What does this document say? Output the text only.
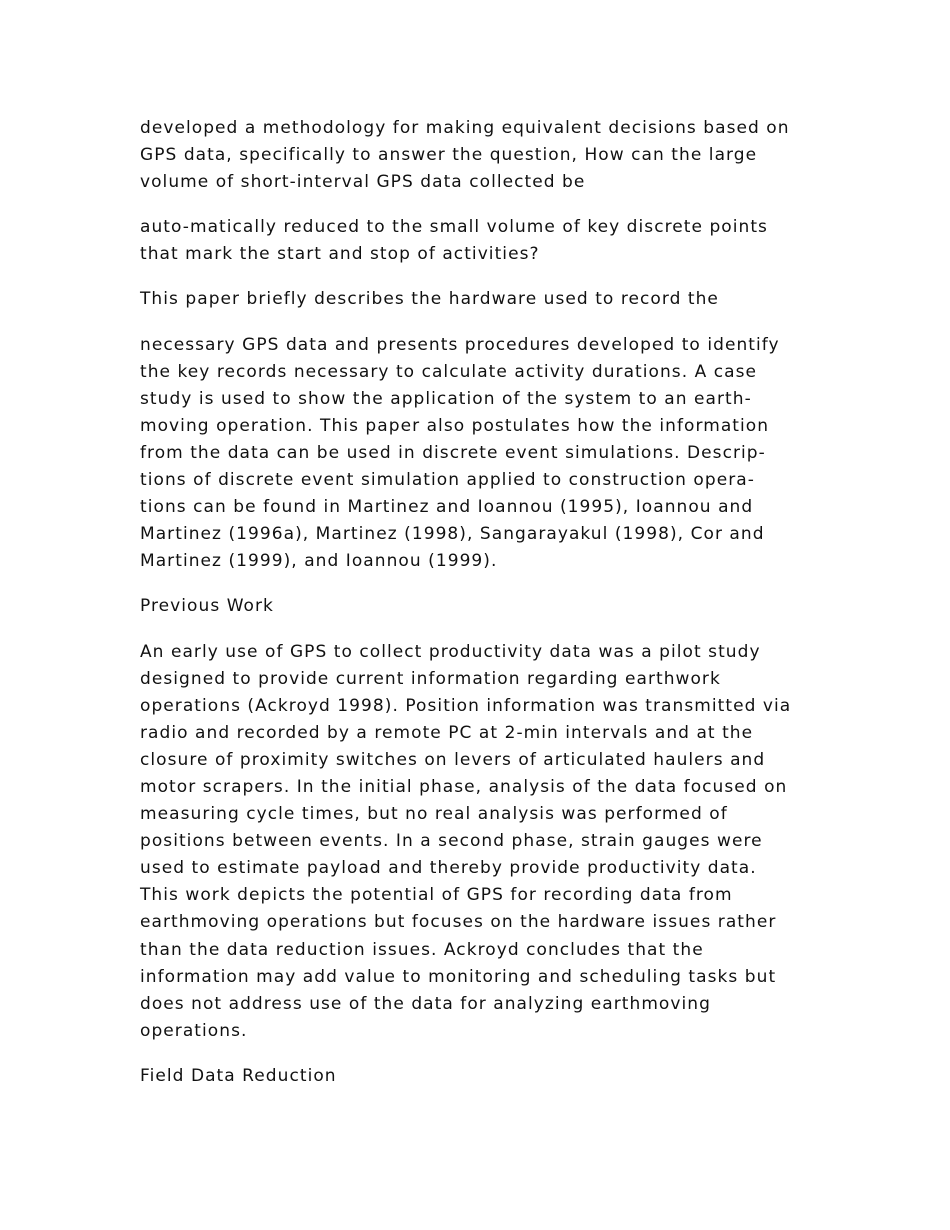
developed a methodology for making equivalent decisions based on
GPS data, specifically to answer the question, How can the large
volume of short-interval GPS data collected be
auto-matically reduced to the small volume of key discrete points
that mark the start and stop of activities?
This paper briefly describes the hardware used to record the
necessary GPS data and presents procedures developed to identify
the key records necessary to calculate activity durations. A case
study is used to show the application of the system to an earth-
moving operation. This paper also postulates how the information
from the data can be used in discrete event simulations. Descrip-
tions of discrete event simulation applied to construction opera-
tions can be found in Martinez and Ioannou (1995), Ioannou and
Martinez (1996a), Martinez (1998), Sangarayakul (1998), Cor and
Martinez (1999), and Ioannou (1999).
Previous Work
An early use of GPS to collect productivity data was a pilot study
designed to provide current information regarding earthwork
operations (Ackroyd 1998). Position information was transmitted via
radio and recorded by a remote PC at 2-min intervals and at the
closure of proximity switches on levers of articulated haulers and
motor scrapers. In the initial phase, analysis of the data focused on
measuring cycle times, but no real analysis was performed of
positions between events. In a second phase, strain gauges were
used to estimate payload and thereby provide productivity data.
This work depicts the potential of GPS for recording data from
earthmoving operations but focuses on the hardware issues rather
than the data reduction issues. Ackroyd concludes that the
information may add value to monitoring and scheduling tasks but
does not address use of the data for analyzing earthmoving
operations.
Field Data Reduction
